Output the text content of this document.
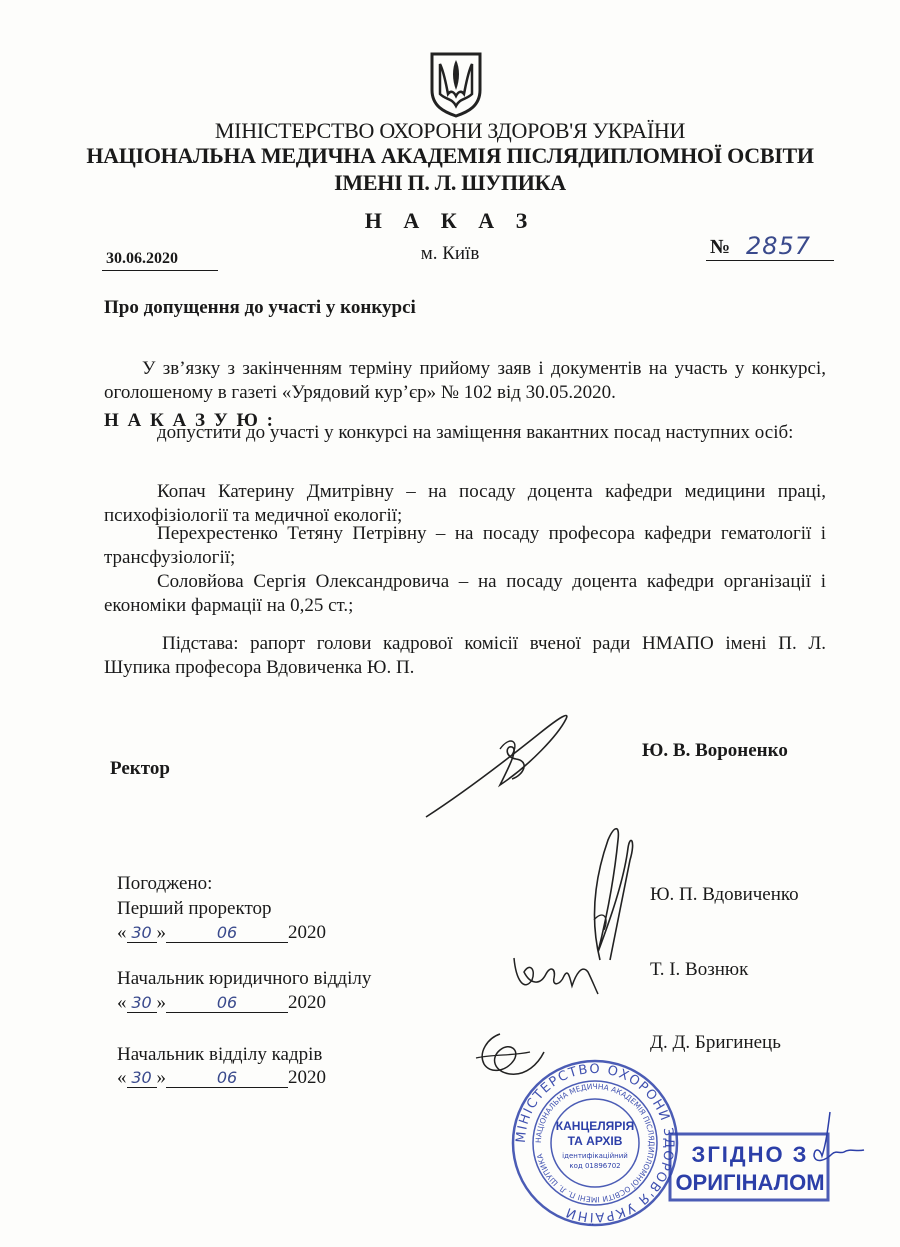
МІНІСТЕРСТВО ОХОРОНИ ЗДОРОВ'Я УКРАЇНИ
НАЦІОНАЛЬНА МЕДИЧНА АКАДЕМІЯ ПІСЛЯДИПЛОМНОЇ ОСВІТИ
ІМЕНІ П. Л. ШУПИКА
Н А К А З
30.06.2020	м. Київ	№ 2857
Про допущення до участі у конкурсі
У зв’язку з закінченням терміну прийому заяв і документів на участь у конкурсі, оголошеному в газеті «Урядовий кур’єр» № 102 від 30.05.2020.
Н А К А З У Ю :
допустити до участі у конкурсі на заміщення вакантних посад наступних осіб:
Копач Катерину Дмитрівну – на посаду доцента кафедри медицини праці, психофізіології та медичної екології;
Перехрестенко Тетяну Петрівну – на посаду професора кафедри гематології і трансфузіології;
Соловйова Сергія Олександровича – на посаду доцента кафедри організації і економіки фармації на 0,25 ст.;
Підстава: рапорт голови кадрової комісії вченої ради НМАПО імені П. Л. Шупика професора Вдовиченка Ю. П.
Ректор
Ю. В. Вороненко
Погоджено:
Перший проректор
« 30 »	06	2020
Ю. П. Вдовиченко
Начальник юридичного відділу
« 30 »	06	2020
Т. І. Вознюк
Начальник відділу кадрів
« 30 »	06	2020
Д. Д. Бригинець
МІНІСТЕРСТВО ОХОРОНИ ЗДОРОВ'Я УКРАЇНИ
НАЦІОНАЛЬНА МЕДИЧНА АКАДЕМІЯ ПІСЛЯДИПЛОМНОЇ ОСВІТИ ІМЕНІ П. Л. ШУПИКА
КАНЦЕЛЯРІЯ
ТА АРХІВ
ідентифікаційний
код 01896702	ЗГІДНО З
ОРИГІНАЛОМ
